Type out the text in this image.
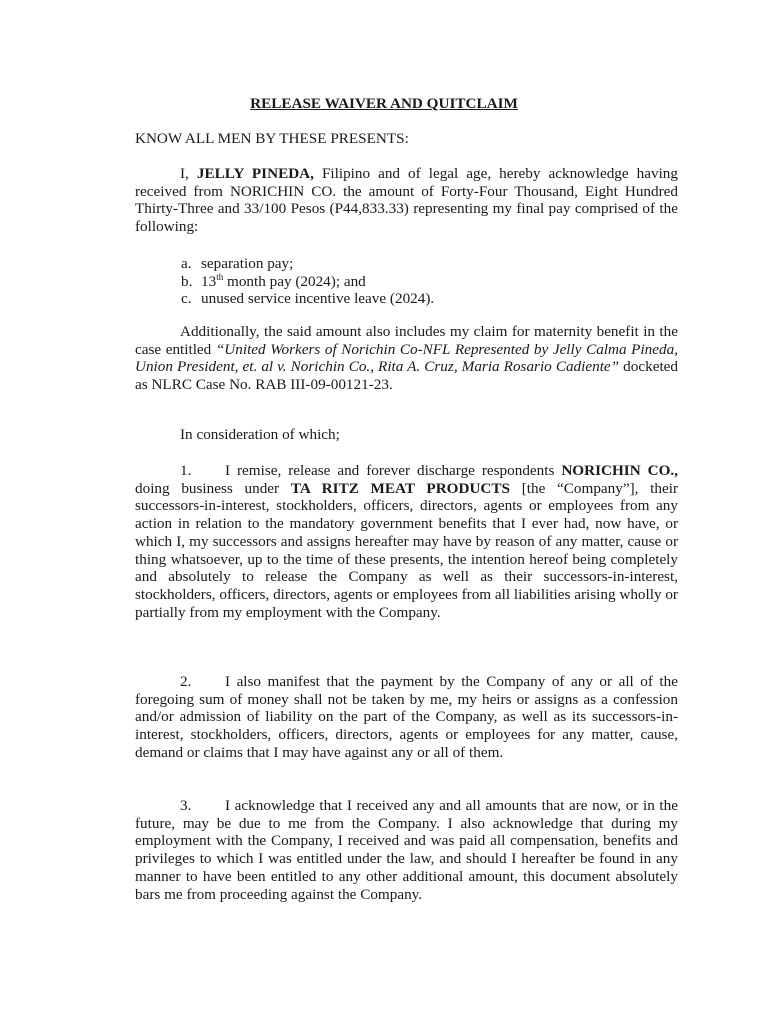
RELEASE WAIVER AND QUITCLAIM

KNOW ALL MEN BY THESE PRESENTS:

I, JELLY PINEDA, Filipino and of legal age, hereby acknowledge having received from NORICHIN CO. the amount of Forty-Four Thousand, Eight Hundred Thirty-Three and 33/100 Pesos (P44,833.33) representing my final pay comprised of the following:

a. separation pay;
b. 13th month pay (2024); and
c. unused service incentive leave (2024).

Additionally, the said amount also includes my claim for maternity benefit in the case entitled “United Workers of Norichin Co-NFL Represented by Jelly Calma Pineda, Union President, et. al v. Norichin Co., Rita A. Cruz, Maria Rosario Cadiente” docketed as NLRC Case No. RAB III-09-00121-23.

In consideration of which;

1. I remise, release and forever discharge respondents NORICHIN CO., doing business under TA RITZ MEAT PRODUCTS [the “Company”], their successors-in-interest, stockholders, officers, directors, agents or employees from any action in relation to the mandatory government benefits that I ever had, now have, or which I, my successors and assigns hereafter may have by reason of any matter, cause or thing whatsoever, up to the time of these presents, the intention hereof being completely and absolutely to release the Company as well as their successors-in-interest, stockholders, officers, directors, agents or employees from all liabilities arising wholly or partially from my employment with the Company.

2. I also manifest that the payment by the Company of any or all of the foregoing sum of money shall not be taken by me, my heirs or assigns as a confession and/or admission of liability on the part of the Company, as well as its successors-in-interest, stockholders, officers, directors, agents or employees for any matter, cause, demand or claims that I may have against any or all of them.

3. I acknowledge that I received any and all amounts that are now, or in the future, may be due to me from the Company. I also acknowledge that during my employment with the Company, I received and was paid all compensation, benefits and privileges to which I was entitled under the law, and should I hereafter be found in any manner to have been entitled to any other additional amount, this document absolutely bars me from proceeding against the Company.
